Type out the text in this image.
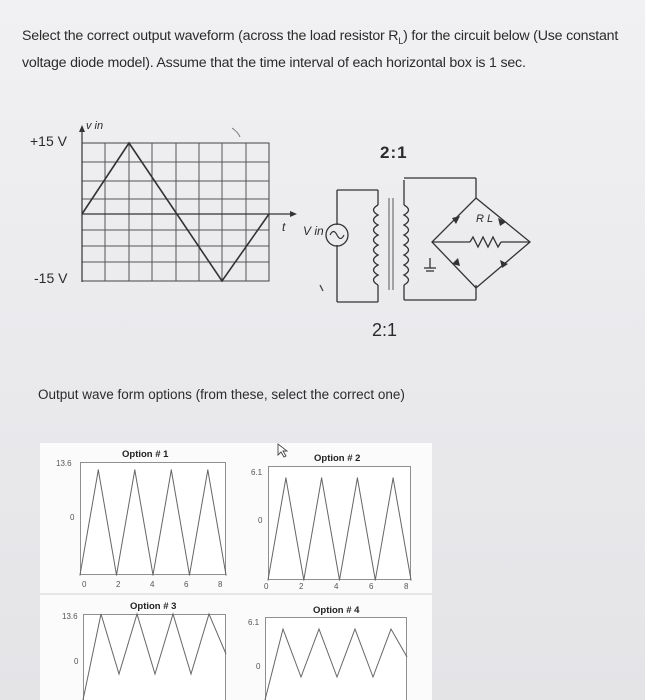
Select the correct output waveform (across the load resistor $R_L$) for the circuit below (Use constant
voltage diode model). Assume that the time interval of each horizontal box is 1 sec.
v in
+15 V
-15 V
t V in
2:1
2:1
R L
Output wave form options (from these, select the correct one)
Option # 1
13.6
0
0	2	4	6	8
Option # 2
6.1
0
0	2	4	6	8
Option # 3
13.6
0
Option # 4
6.1
0
